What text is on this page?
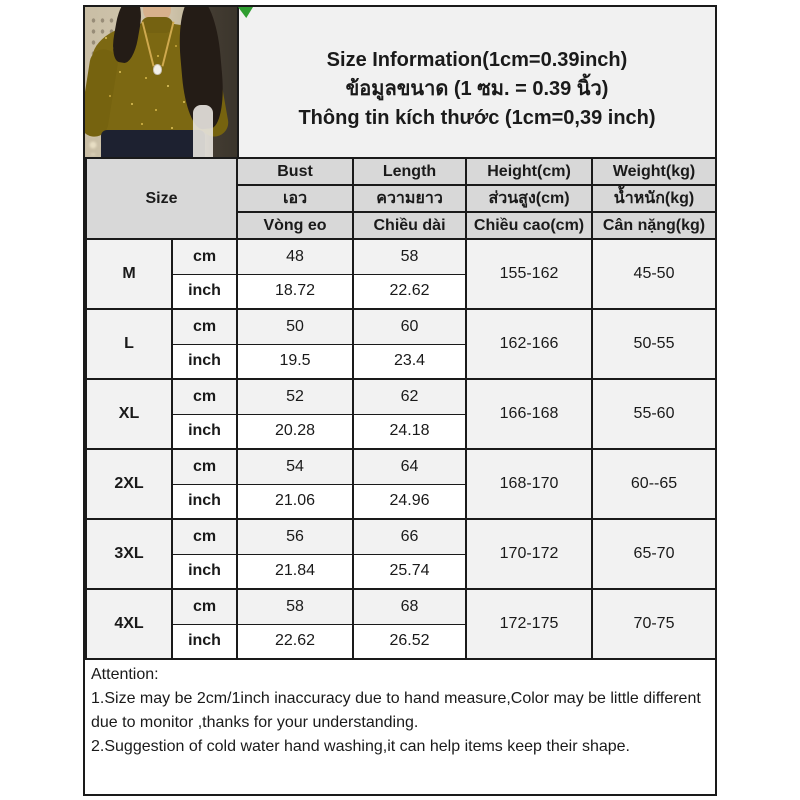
Size Information(1cm=0.39inch)
ข้อมูลขนาด (1 ซม. = 0.39 นิ้ว)
Thông tin kích thước (1cm=0,39 inch)
Size		Bust	Length	Height(cm)	Weight(kg)
		เอว	ความยาว	ส่วนสูง(cm)	น้ำหนัก(kg)
		Vòng eo	Chiều dài	Chiều cao(cm)	Cân nặng(kg)
M	cm	48	58	155-162	45-50
	inch	18.72	22.62		
L	cm	50	60	162-166	50-55
	inch	19.5	23.4		
XL	cm	52	62	166-168	55-60
	inch	20.28	24.18		
2XL	cm	54	64	168-170	60--65
	inch	21.06	24.96		
3XL	cm	56	66	170-172	65-70
	inch	21.84	25.74		
4XL	cm	58	68	172-175	70-75
	inch	22.62	26.52		
Attention:
1.Size may be 2cm/1inch inaccuracy due to hand measure,Color may be little different due to monitor ,thanks for your understanding.
2.Suggestion of cold water hand washing,it can help items keep their shape.
